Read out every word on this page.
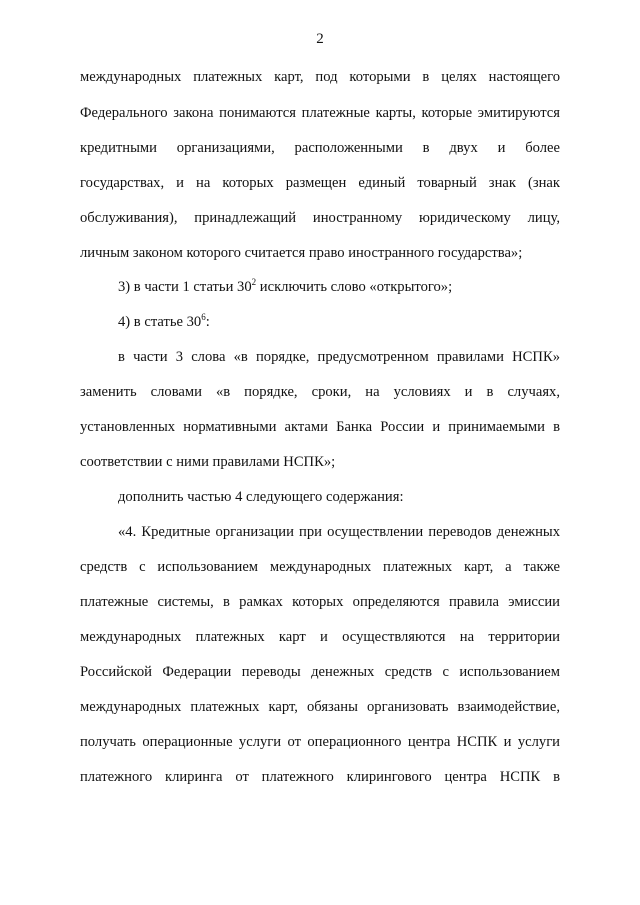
2
международных платежных карт, под которыми в целях настоящего
Федерального закона понимаются платежные карты, которые эмитируются
кредитными организациями, расположенными в двух и более
государствах, и на которых размещен единый товарный знак (знак
обслуживания), принадлежащий иностранному юридическому лицу,
личным законом которого считается право иностранного государства»;
3) в части 1 статьи $30^2$ исключить слово «открытого»;
4) в статье $30^6$:
в части 3 слова «в порядке, предусмотренном правилами НСПК»
заменить словами «в порядке, сроки, на условиях и в случаях,
установленных нормативными актами Банка России и принимаемыми в
соответствии с ними правилами НСПК»;
дополнить частью 4 следующего содержания:
«4. Кредитные организации при осуществлении переводов денежных
средств с использованием международных платежных карт, а также
платежные системы, в рамках которых определяются правила эмиссии
международных платежных карт и осуществляются на территории
Российской Федерации переводы денежных средств с использованием
международных платежных карт, обязаны организовать взаимодействие,
получать операционные услуги от операционного центра НСПК и услуги
платежного клиринга от платежного клирингового центра НСПК в
